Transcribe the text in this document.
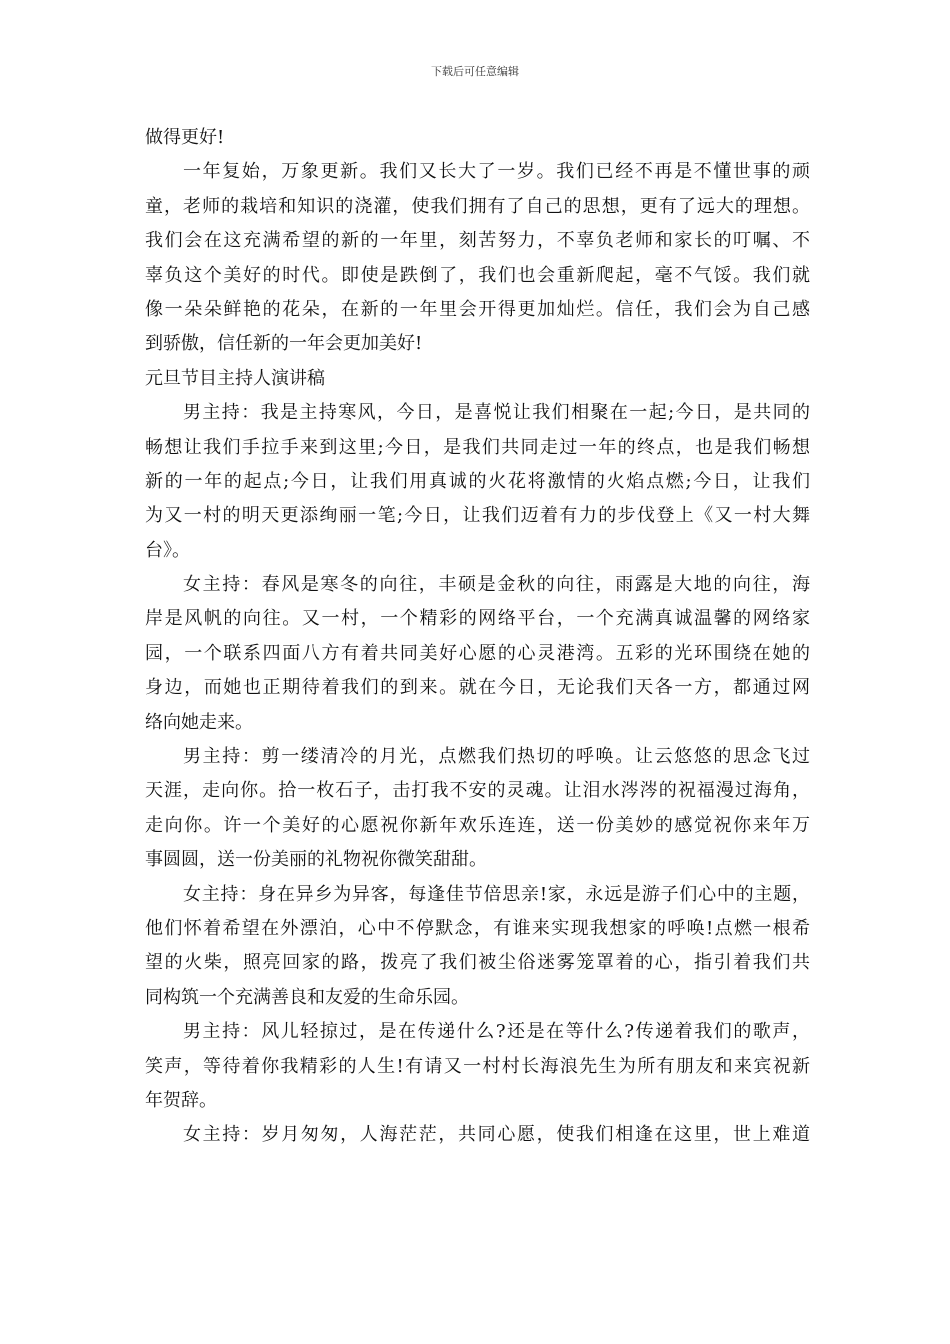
下载后可任意编辑
做得更好!
一年复始，万象更新。我们又长大了一岁。我们已经不再是不懂世事的顽
童，老师的栽培和知识的浇灌，使我们拥有了自己的思想，更有了远大的理想。
我们会在这充满希望的新的一年里，刻苦努力，不辜负老师和家长的叮嘱、不
辜负这个美好的时代。即使是跌倒了，我们也会重新爬起，毫不气馁。我们就
像一朵朵鲜艳的花朵，在新的一年里会开得更加灿烂。信任，我们会为自己感
到骄傲，信任新的一年会更加美好!
元旦节目主持人演讲稿
男主持：我是主持寒风，今日，是喜悦让我们相聚在一起;今日，是共同的
畅想让我们手拉手来到这里;今日，是我们共同走过一年的终点，也是我们畅想
新的一年的起点;今日，让我们用真诚的火花将激情的火焰点燃;今日，让我们
为又一村的明天更添绚丽一笔;今日，让我们迈着有力的步伐登上《又一村大舞
台》。
女主持：春风是寒冬的向往，丰硕是金秋的向往，雨露是大地的向往，海
岸是风帆的向往。又一村，一个精彩的网络平台，一个充满真诚温馨的网络家
园，一个联系四面八方有着共同美好心愿的心灵港湾。五彩的光环围绕在她的
身边，而她也正期待着我们的到来。就在今日，无论我们天各一方，都通过网
络向她走来。
男主持：剪一缕清冷的月光，点燃我们热切的呼唤。让云悠悠的思念飞过
天涯，走向你。拾一枚石子，击打我不安的灵魂。让泪水涔涔的祝福漫过海角，
走向你。许一个美好的心愿祝你新年欢乐连连，送一份美妙的感觉祝你来年万
事圆圆，送一份美丽的礼物祝你微笑甜甜。
女主持：身在异乡为异客，每逢佳节倍思亲!家，永远是游子们心中的主题，
他们怀着希望在外漂泊，心中不停默念，有谁来实现我想家的呼唤!点燃一根希
望的火柴，照亮回家的路，拨亮了我们被尘俗迷雾笼罩着的心，指引着我们共
同构筑一个充满善良和友爱的生命乐园。
男主持：风儿轻掠过，是在传递什么?还是在等什么?传递着我们的歌声，
笑声，等待着你我精彩的人生!有请又一村村长海浪先生为所有朋友和来宾祝新
年贺辞。
女主持：岁月匆匆，人海茫茫，共同心愿，使我们相逢在这里，世上难道
